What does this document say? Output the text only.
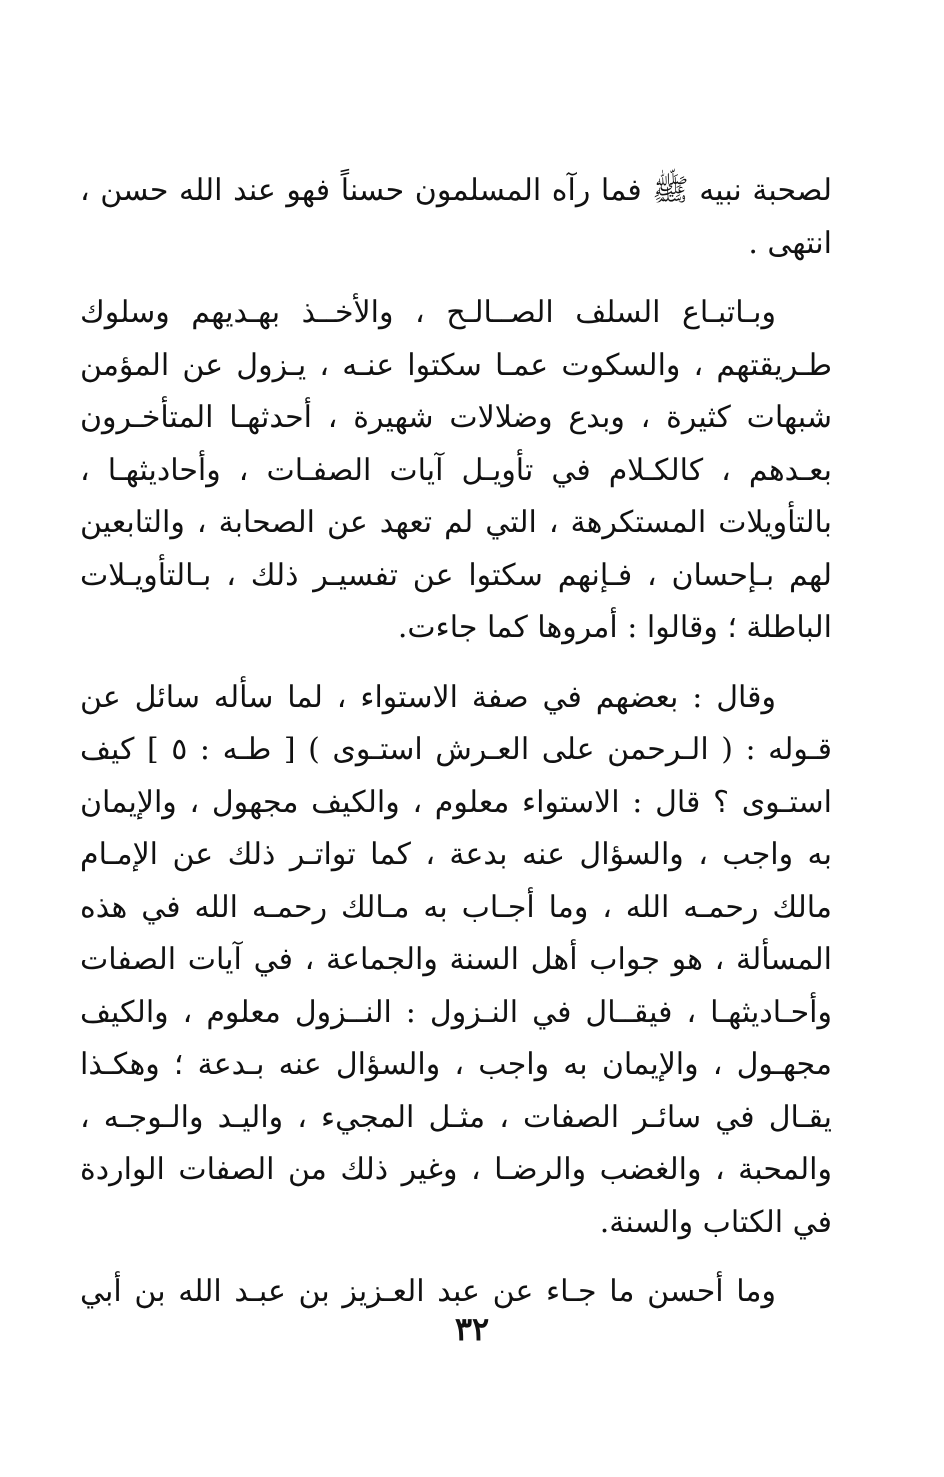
لصحبة نبيه ﷺ فما رآه المسلمون حسناً فهو عند الله حسن ،
انتهى .
وبـاتبـاع السلف الصــالـح ، والأخــذ بهـديهم وسلوك
طـريقتهم ، والسكوت عمـا سكتوا عنـه ، يـزول عن المؤمن
شبهات كثيرة ، وبدع وضلالات شهيرة ، أحدثهـا المتأخـرون
بعـدهم ، كالكـلام في تأويـل آيات الصفـات ، وأحاديثهـا ،
بالتأويلات المستكرهة ، التي لم تعهد عن الصحابة ، والتابعين
لهم بـإحسان ، فـإنهم سكتوا عن تفسيـر ذلك ، بـالتأويـلات
الباطلة ؛ وقالوا : أمروها كما جاءت.
وقال : بعضهم في صفة الاستواء ، لما سأله سائل عن
قـوله : ( الـرحمن على العـرش استـوى ) [ طـه : ٥ ] كيف
استـوى ؟ قال : الاستواء معلوم ، والكيف مجهول ، والإيمان
به واجب ، والسؤال عنه بدعة ، كما تواتـر ذلك عن الإمـام
مالك رحمـه الله ، وما أجـاب به مـالك رحمـه الله في هذه
المسألة ، هو جواب أهل السنة والجماعة ، في آيات الصفات
وأحـاديثهـا ، فيقــال في النـزول : النــزول معلوم ، والكيف
مجهـول ، والإيمان به واجب ، والسؤال عنه بـدعة ؛ وهكـذا
يقـال في سائـر الصفات ، مثـل المجيء ، واليـد والـوجـه ،
والمحبة ، والغضب والرضـا ، وغير ذلك من الصفات الواردة
في الكتاب والسنة.
وما أحسن ما جـاء عن عبد العـزيز بن عبـد الله بن أبي
٣٢
